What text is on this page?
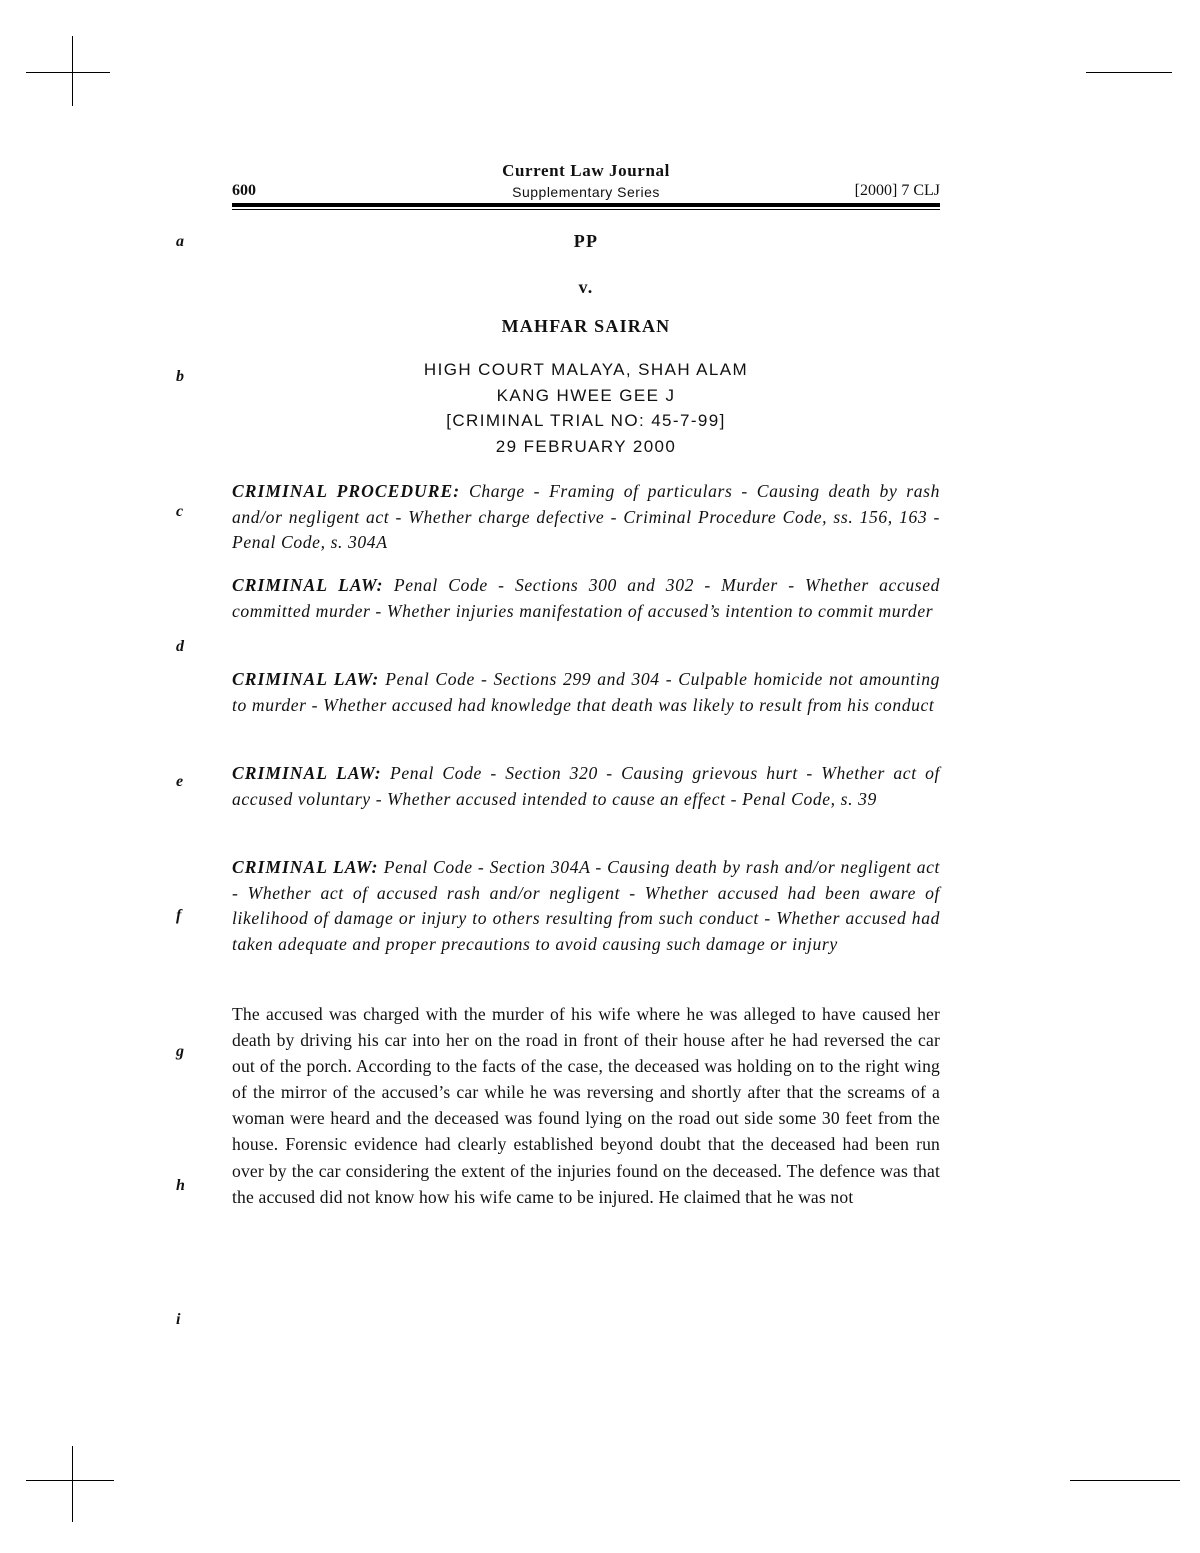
Current Law Journal
600	Supplementary Series	[2000] 7 CLJ
a
b
c
d
e
f
g
h
i
PP
v.
MAHFAR SAIRAN
HIGH COURT MALAYA, SHAH ALAM
KANG HWEE GEE J
[CRIMINAL TRIAL NO: 45-7-99]
29 FEBRUARY 2000
CRIMINAL PROCEDURE: Charge - Framing of particulars - Causing death by rash and/or negligent act - Whether charge defective - Criminal Procedure Code, ss. 156, 163 - Penal Code, s. 304A
CRIMINAL LAW: Penal Code - Sections 300 and 302 - Murder - Whether accused committed murder - Whether injuries manifestation of accused’s intention to commit murder
CRIMINAL LAW: Penal Code - Sections 299 and 304 - Culpable homicide not amounting to murder - Whether accused had knowledge that death was likely to result from his conduct
CRIMINAL LAW: Penal Code - Section 320 - Causing grievous hurt - Whether act of accused voluntary - Whether accused intended to cause an effect - Penal Code, s. 39
CRIMINAL LAW: Penal Code - Section 304A - Causing death by rash and/or negligent act - Whether act of accused rash and/or negligent - Whether accused had been aware of likelihood of damage or injury to others resulting from such conduct - Whether accused had taken adequate and proper precautions to avoid causing such damage or injury
The accused was charged with the murder of his wife where he was alleged to have caused her death by driving his car into her on the road in front of their house after he had reversed the car out of the porch. According to the facts of the case, the deceased was holding on to the right wing of the mirror of the accused’s car while he was reversing and shortly after that the screams of a woman were heard and the deceased was found lying on the road out side some 30 feet from the house. Forensic evidence had clearly established beyond doubt that the deceased had been run over by the car considering the extent of the injuries found on the deceased. The defence was that the accused did not know how his wife came to be injured. He claimed that he was not
